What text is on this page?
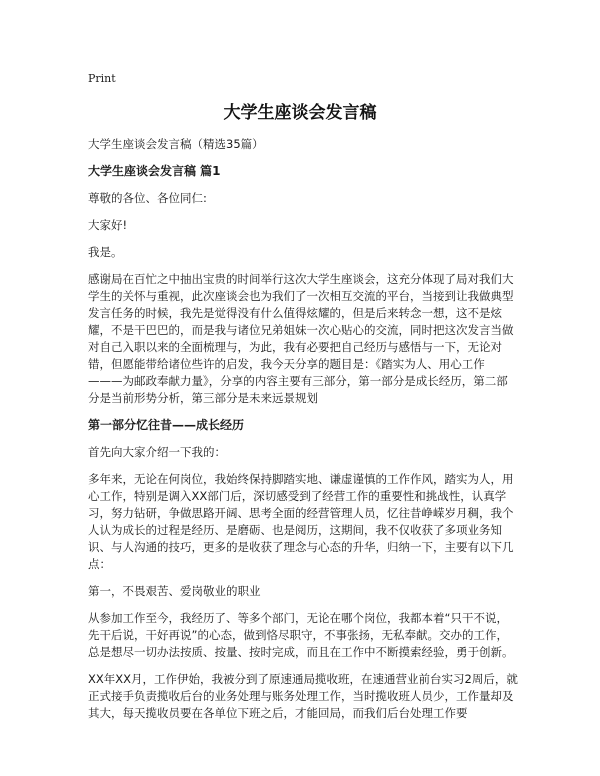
Print
大学生座谈会发言稿

大学生座谈会发言稿（精选35篇）

大学生座谈会发言稿 篇1

尊敬的各位、各位同仁:

大家好!

我是。

感谢局在百忙之中抽出宝贵的时间举行这次大学生座谈会，这充分体现了局对我们大学生的关怀与重视，此次座谈会也为我们了一次相互交流的平台，当接到让我做典型发言任务的时候，我先是觉得没有什么值得炫耀的，但是后来转念一想，这不是炫耀，不是干巴巴的，而是我与诸位兄弟姐妹一次心贴心的交流，同时把这次发言当做对自己入职以来的全面梳理与，为此，我有必要把自己经历与感悟与一下，无论对错，但愿能带给诸位些许的启发，我今天分享的题目是：《踏实为人、用心工作———为邮政奉献力量》，分享的内容主要有三部分，第一部分是成长经历，第二部分是当前形势分析，第三部分是未来远景规划

第一部分忆往昔——成长经历

首先向大家介绍一下我的：

多年来，无论在何岗位，我始终保持脚踏实地、谦虚谨慎的工作作风，踏实为人，用心工作，特别是调入XX部门后，深切感受到了经营工作的重要性和挑战性，认真学习，努力钻研，争做思路开阔、思考全面的经营管理人员，忆往昔峥嵘岁月稠，我个人认为成长的过程是经历、是磨砺、也是阅历，这期间，我不仅收获了多项业务知识、与人沟通的技巧，更多的是收获了理念与心态的升华，归纳一下，主要有以下几点：

第一，不畏艰苦、爱岗敬业的职业

从参加工作至今，我经历了、等多个部门，无论在哪个岗位，我都本着“只干不说，先干后说，干好再说”的心态，做到恪尽职守，不事张扬，无私奉献。交办的工作，总是想尽一切办法按质、按量、按时完成，而且在工作中不断摸索经验，勇于创新。

XX年XX月，工作伊始，我被分到了原速通局揽收班，在速通营业前台实习2周后，就正式接手负责揽收后台的业务处理与账务处理工作，当时揽收班人员少，工作量却及其大，每天揽收员要在各单位下班之后，才能回局，而我们后台处理工作要
